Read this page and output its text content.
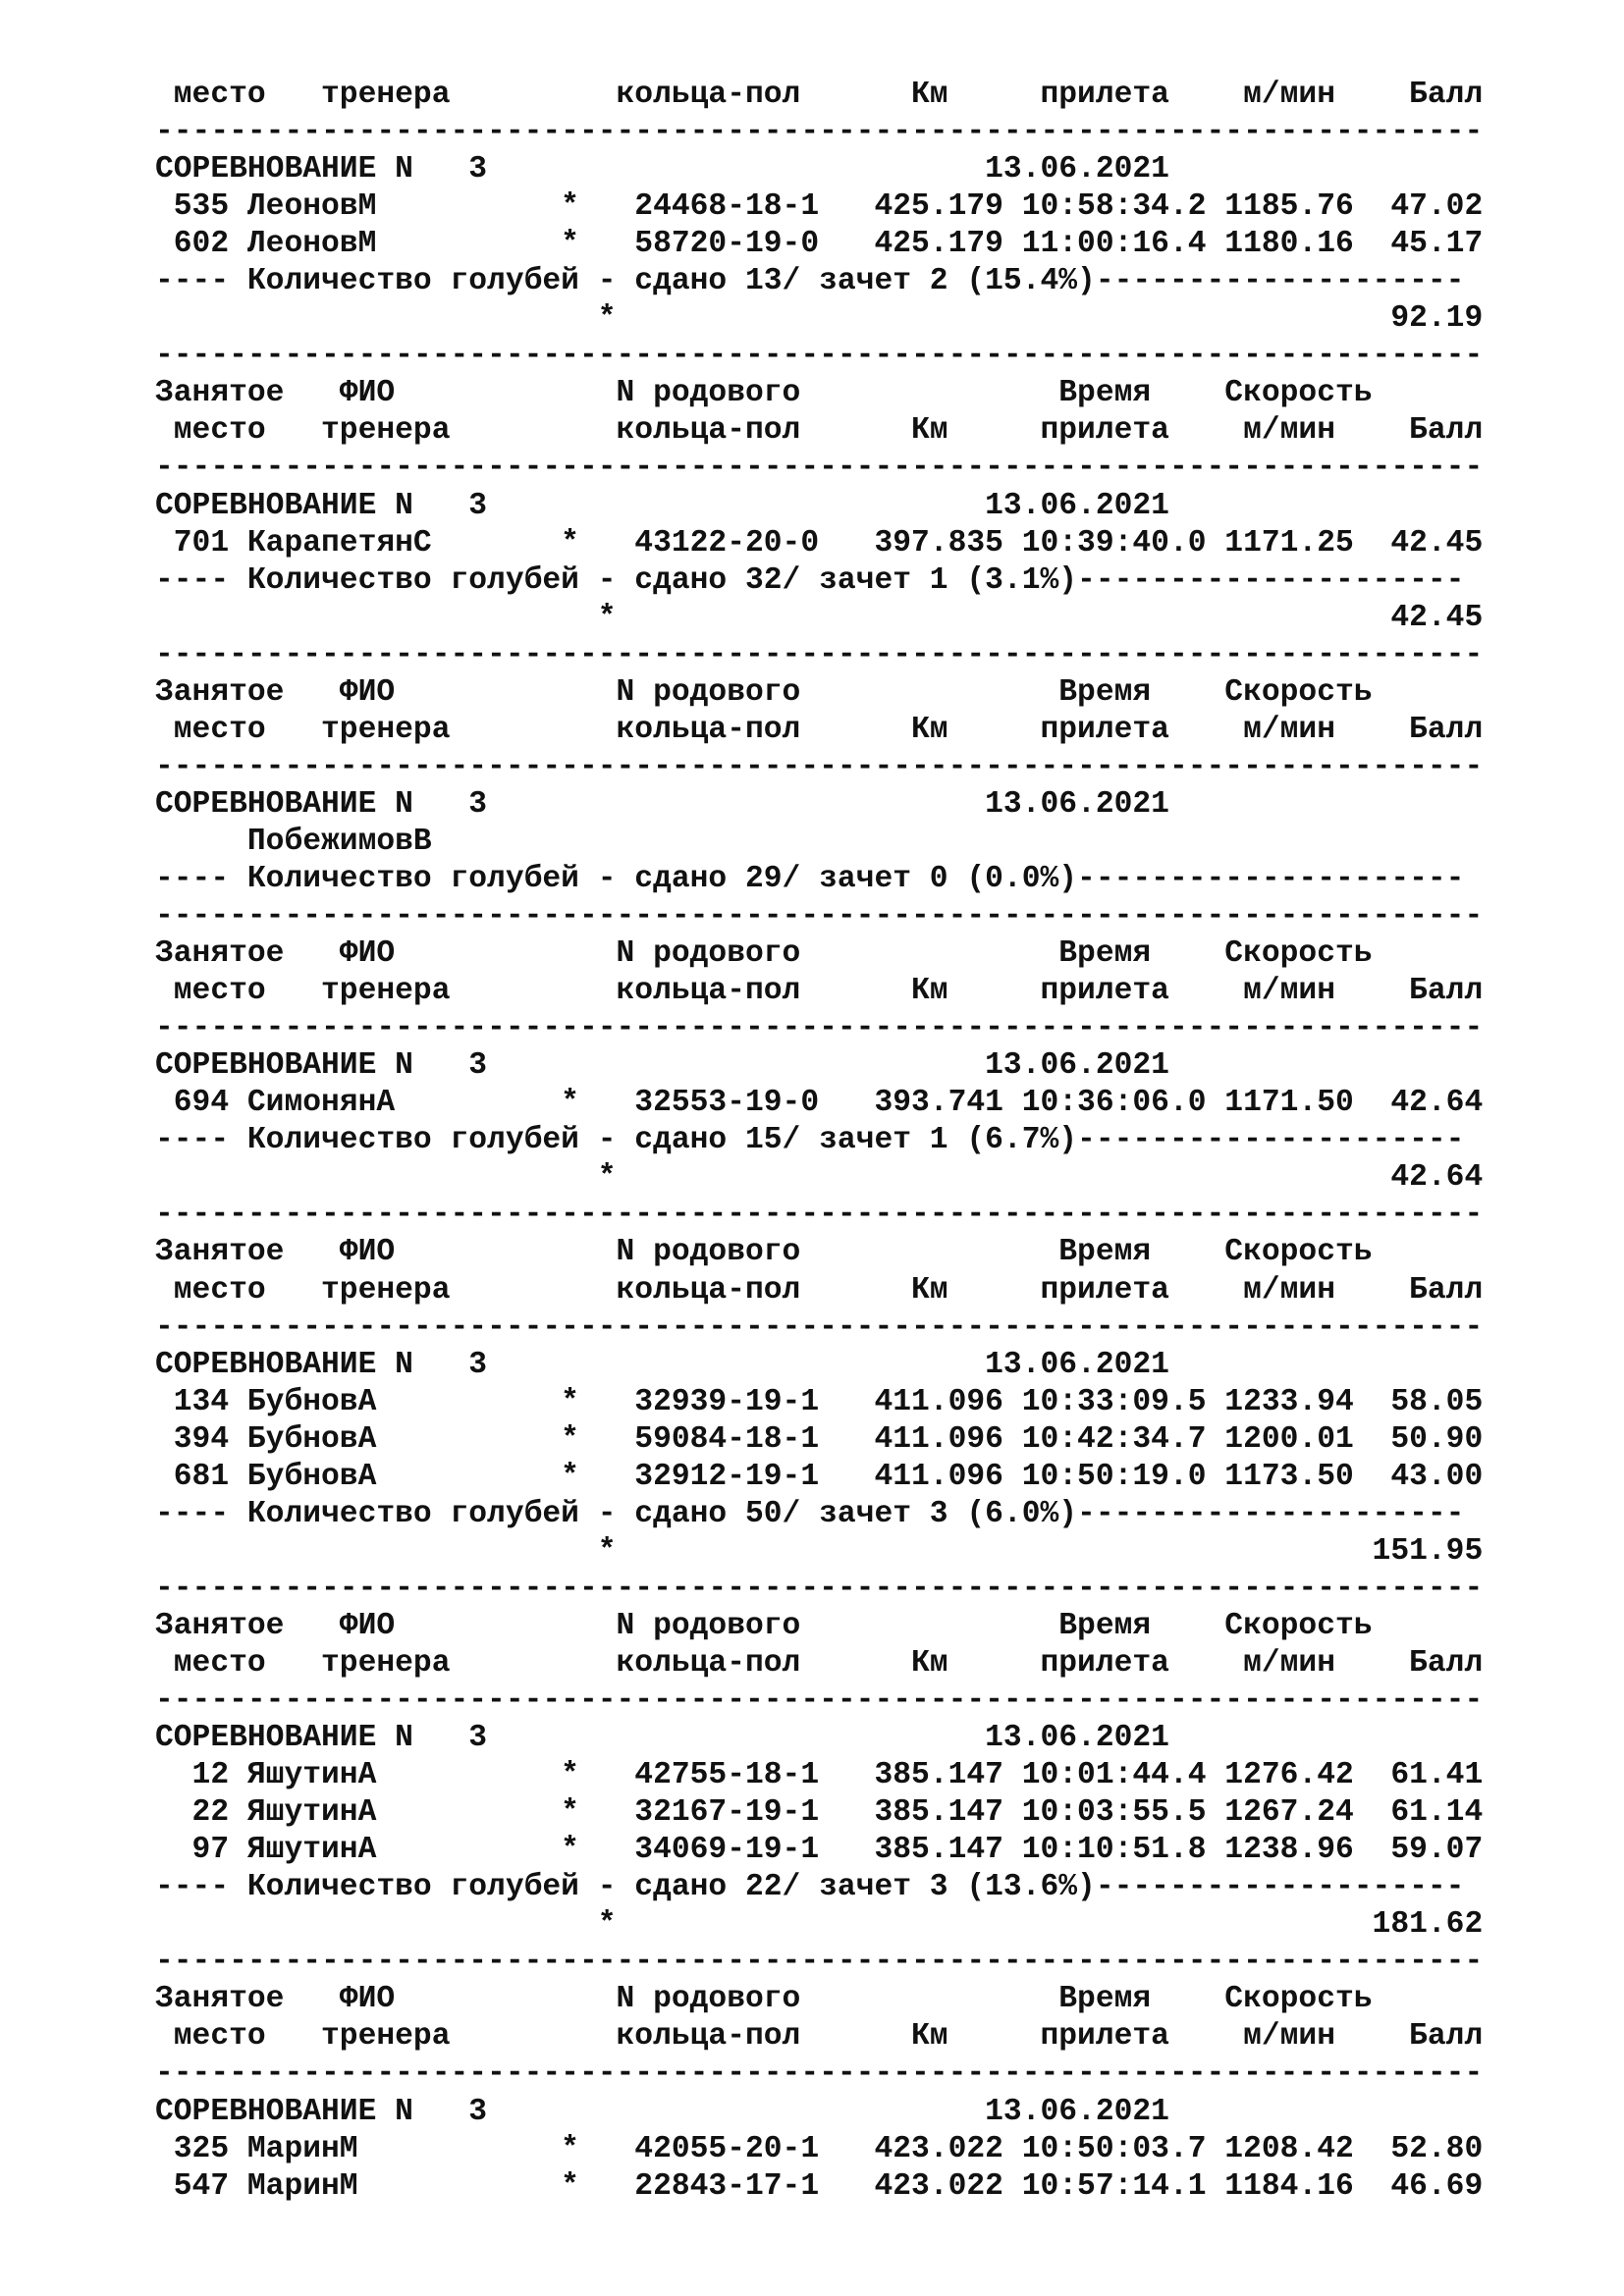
место   тренера         кольца-пол      Км     прилета    м/мин    Балл
------------------------------------------------------------------------
СОРЕВНОВАНИЕ N   3                           13.06.2021
535 ЛеоновМ          *   24468-18-1   425.179 10:58:34.2 1185.76  47.02
602 ЛеоновМ          *   58720-19-0   425.179 11:00:16.4 1180.16  45.17
---- Количество голубей - сдано 13/ зачет 2 (15.4%)--------------------
*                                          92.19
------------------------------------------------------------------------
Занятое   ФИО            N родового              Время    Скорость
место   тренера         кольца-пол      Км     прилета    м/мин    Балл
------------------------------------------------------------------------
СОРЕВНОВАНИЕ N   3                           13.06.2021
701 КарапетянС       *   43122-20-0   397.835 10:39:40.0 1171.25  42.45
---- Количество голубей - сдано 32/ зачет 1 (3.1%)---------------------
*                                          42.45
------------------------------------------------------------------------
Занятое   ФИО            N родового              Время    Скорость
место   тренера         кольца-пол      Км     прилета    м/мин    Балл
------------------------------------------------------------------------
СОРЕВНОВАНИЕ N   3                           13.06.2021
ПобежимовВ
---- Количество голубей - сдано 29/ зачет 0 (0.0%)---------------------
------------------------------------------------------------------------
Занятое   ФИО            N родового              Время    Скорость
место   тренера         кольца-пол      Км     прилета    м/мин    Балл
------------------------------------------------------------------------
СОРЕВНОВАНИЕ N   3                           13.06.2021
694 СимонянА         *   32553-19-0   393.741 10:36:06.0 1171.50  42.64
---- Количество голубей - сдано 15/ зачет 1 (6.7%)---------------------
*                                          42.64
------------------------------------------------------------------------
Занятое   ФИО            N родового              Время    Скорость
место   тренера         кольца-пол      Км     прилета    м/мин    Балл
------------------------------------------------------------------------
СОРЕВНОВАНИЕ N   3                           13.06.2021
134 БубновА          *   32939-19-1   411.096 10:33:09.5 1233.94  58.05
394 БубновА          *   59084-18-1   411.096 10:42:34.7 1200.01  50.90
681 БубновА          *   32912-19-1   411.096 10:50:19.0 1173.50  43.00
---- Количество голубей - сдано 50/ зачет 3 (6.0%)---------------------
*                                         151.95
------------------------------------------------------------------------
Занятое   ФИО            N родового              Время    Скорость
место   тренера         кольца-пол      Км     прилета    м/мин    Балл
------------------------------------------------------------------------
СОРЕВНОВАНИЕ N   3                           13.06.2021
12 ЯшутинА          *   42755-18-1   385.147 10:01:44.4 1276.42  61.41
22 ЯшутинА          *   32167-19-1   385.147 10:03:55.5 1267.24  61.14
97 ЯшутинА          *   34069-19-1   385.147 10:10:51.8 1238.96  59.07
---- Количество голубей - сдано 22/ зачет 3 (13.6%)--------------------
*                                         181.62
------------------------------------------------------------------------
Занятое   ФИО            N родового              Время    Скорость
место   тренера         кольца-пол      Км     прилета    м/мин    Балл
------------------------------------------------------------------------
СОРЕВНОВАНИЕ N   3                           13.06.2021
325 МаринМ           *   42055-20-1   423.022 10:50:03.7 1208.42  52.80
547 МаринМ           *   22843-17-1   423.022 10:57:14.1 1184.16  46.69
